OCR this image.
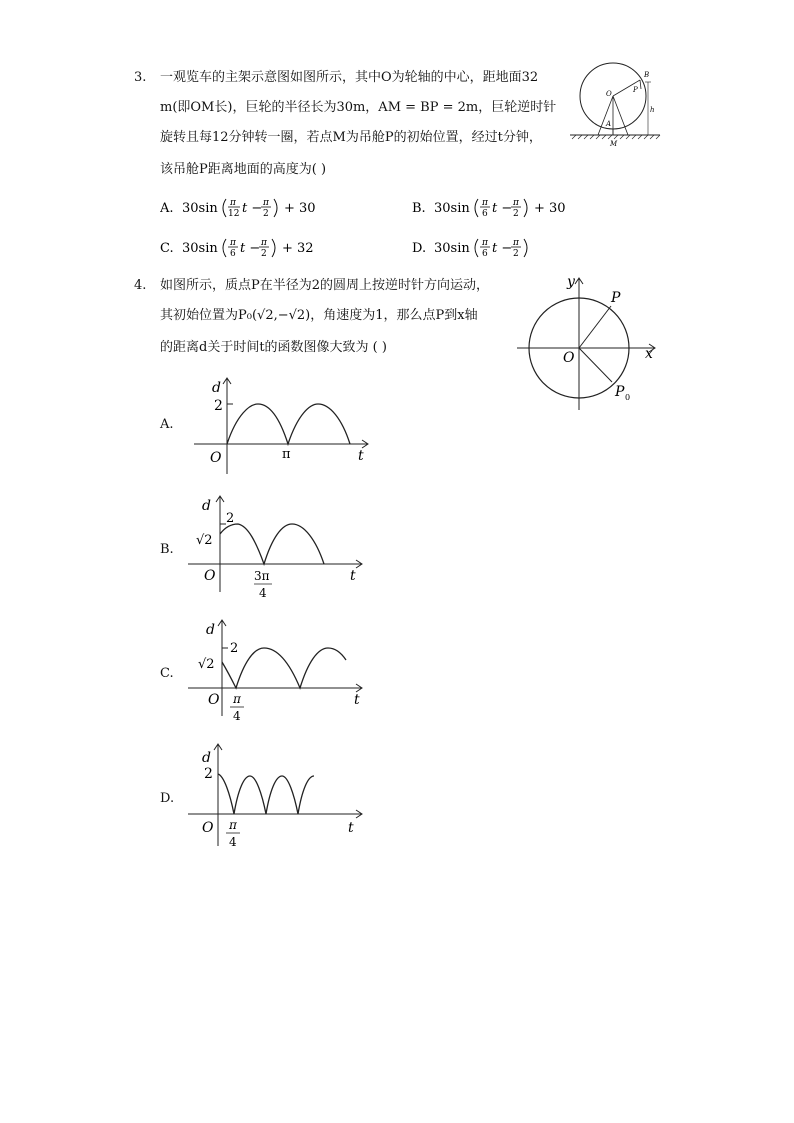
3. 一观览车的主架示意图如图所示，其中O为轮轴的中心，距地面32
m(即OM长)，巨轮的半径长为30m，AM = BP = 2m，巨轮逆时针
旋转且每12分钟转一圈，若点M为吊舱P的初始位置，经过t分钟，
该吊舱P距离地面的高度为( )
O
B
P
A
M
h
A. 30sin π
12 t − π
2 + 30	B. 30sin π
6 t − π
2 + 30
C. 30sin π
6 t − π
2 + 32	D. 30sin π
6 t − π
2
4. 如图所示，质点P在半径为2的圆周上按逆时针方向运动，
其初始位置为P₀(√2,−√2)，角速度为1，那么点P到x轴
的距离d关于时间t的函数图像大致为 ( )
y
x
O
P
P 0
A.
d
2
O	π	t
B.
d
2
√2
O	3π
4
t
C.
d
2
√2
O π
4
t
D.
d
2
O π
4
t
